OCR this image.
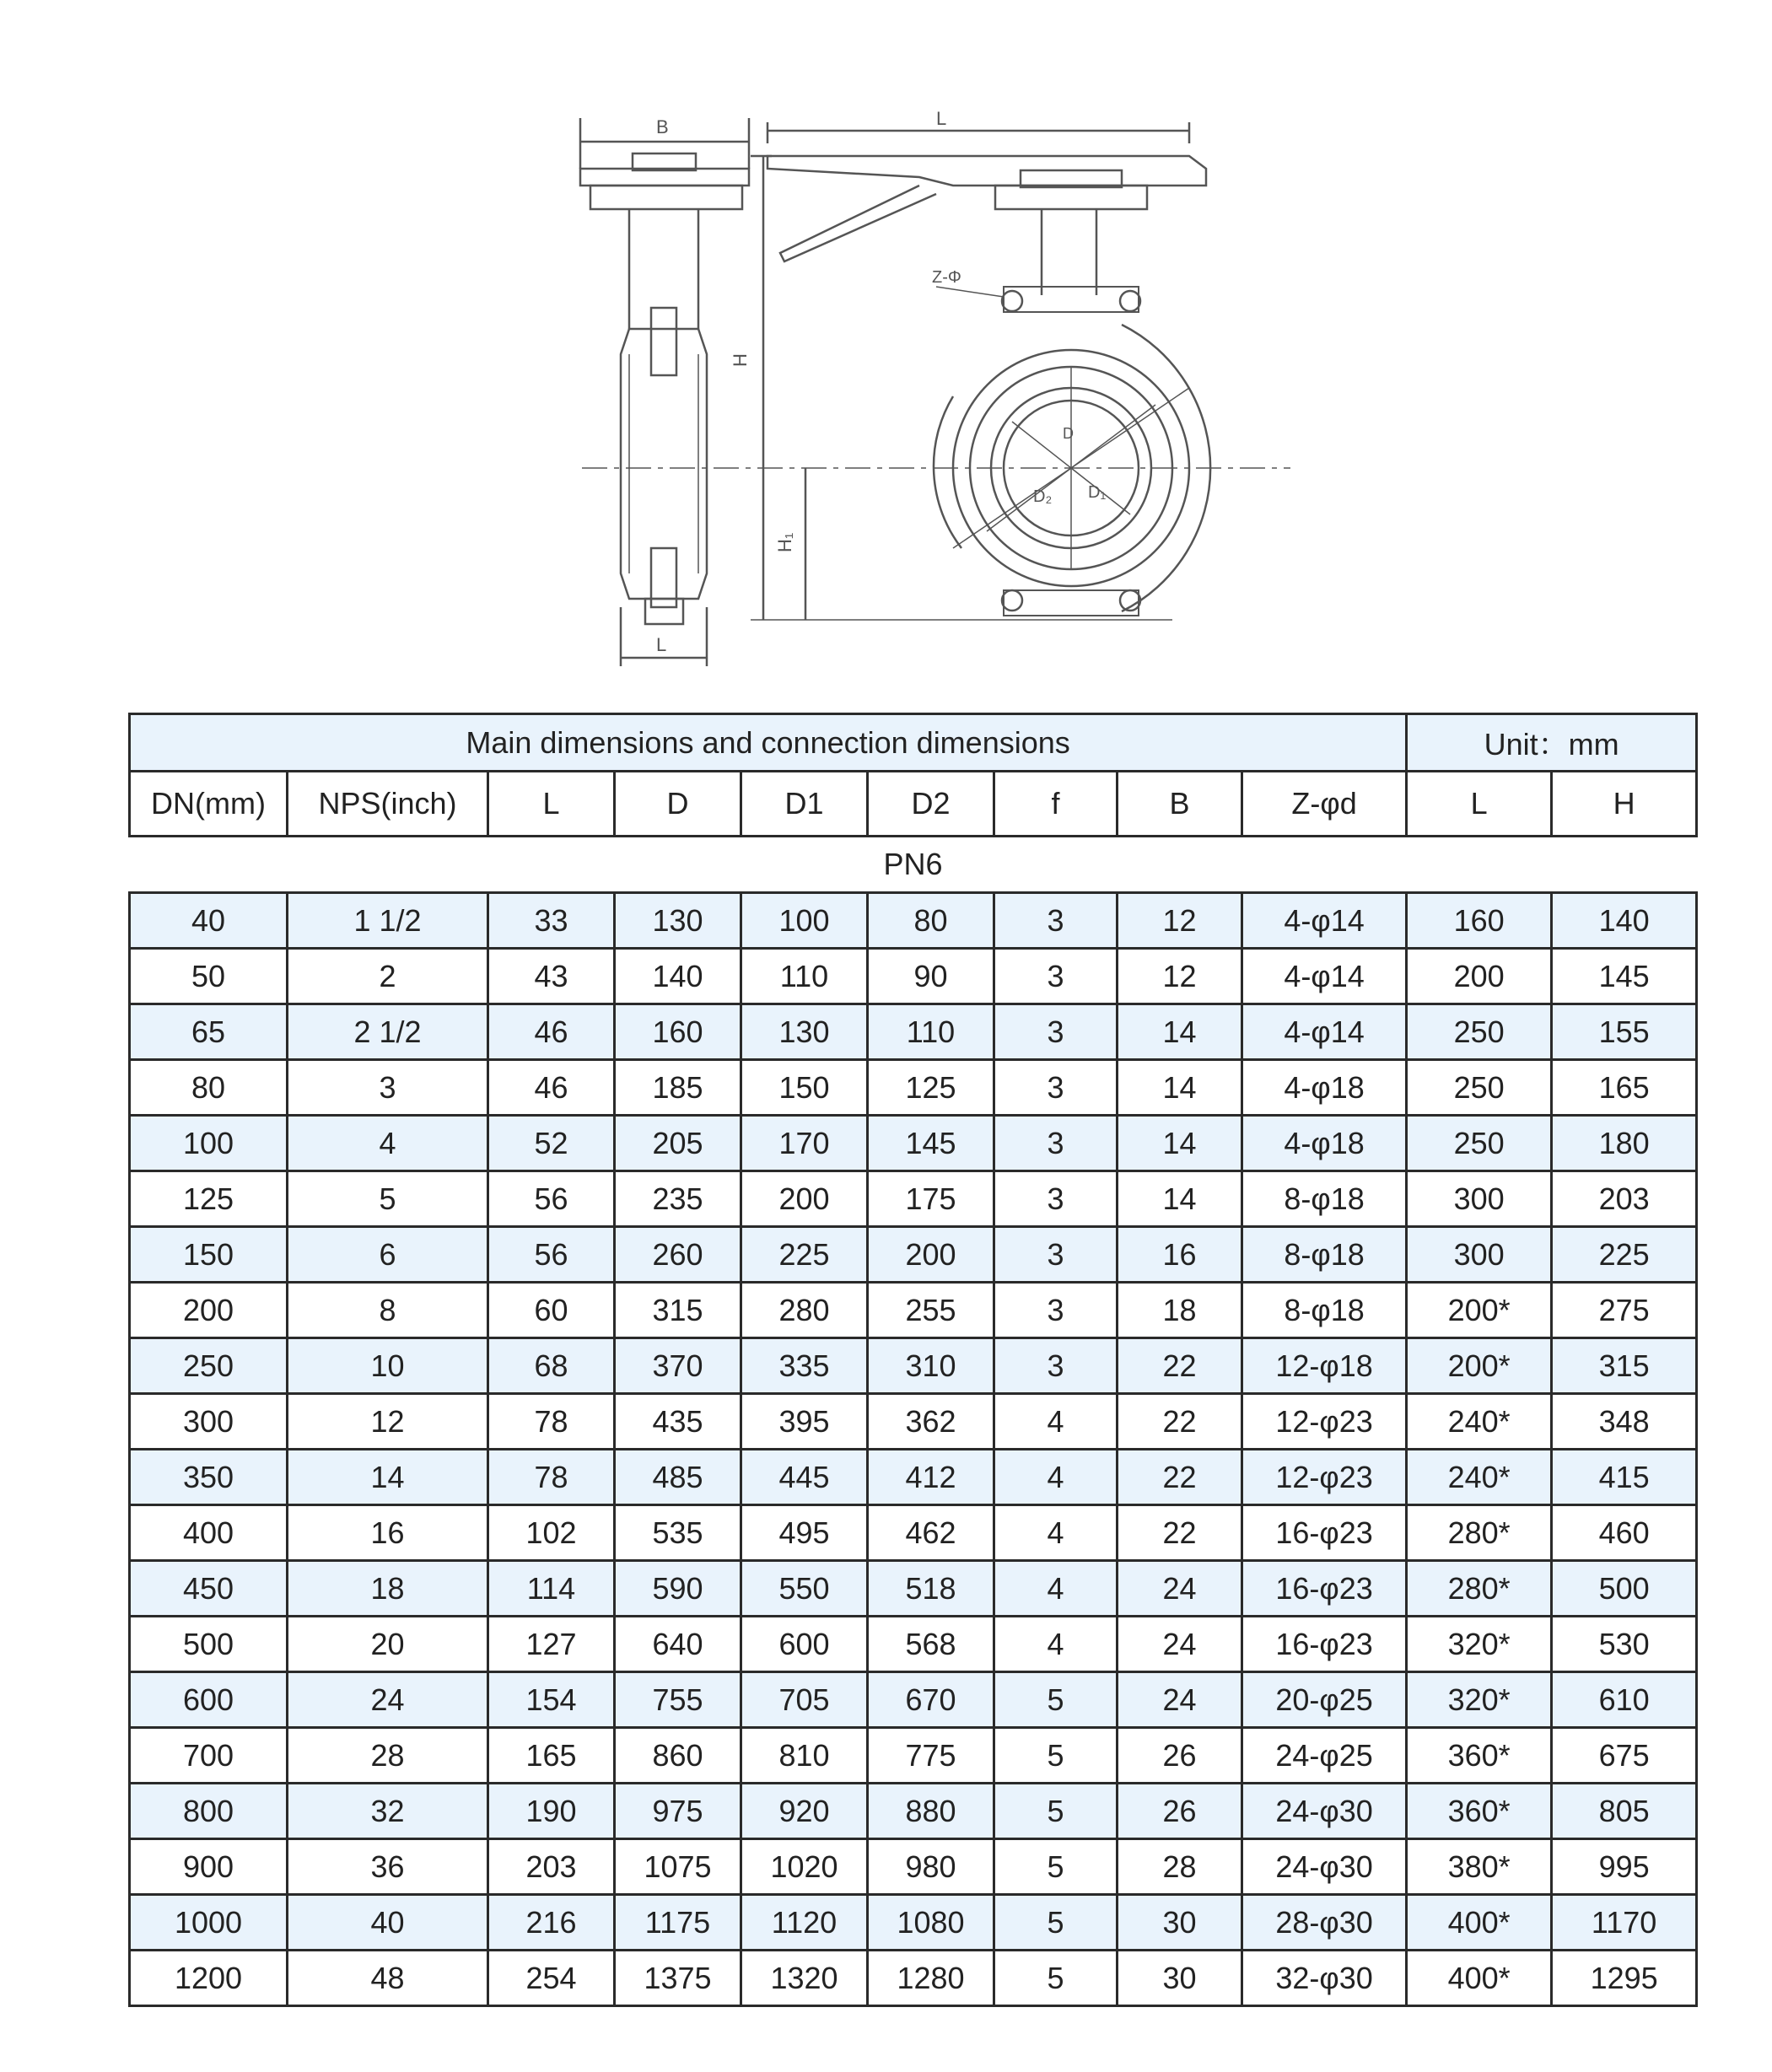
B
L
H
H₁
L
Z-Φ
D₁
D₂
D
Main dimensions and connection dimensions									Unit：mm	
DN(mm)	NPS(inch)	L	D	D1	D2	f	B	Z-φd	L	H
PN6										
40	1 1/2	33	130	100	80	3	12	4-φ14	160	140
50	2	43	140	110	90	3	12	4-φ14	200	145
65	2 1/2	46	160	130	110	3	14	4-φ14	250	155
80	3	46	185	150	125	3	14	4-φ18	250	165
100	4	52	205	170	145	3	14	4-φ18	250	180
125	5	56	235	200	175	3	14	8-φ18	300	203
150	6	56	260	225	200	3	16	8-φ18	300	225
200	8	60	315	280	255	3	18	8-φ18	200*	275
250	10	68	370	335	310	3	22	12-φ18	200*	315
300	12	78	435	395	362	4	22	12-φ23	240*	348
350	14	78	485	445	412	4	22	12-φ23	240*	415
400	16	102	535	495	462	4	22	16-φ23	280*	460
450	18	114	590	550	518	4	24	16-φ23	280*	500
500	20	127	640	600	568	4	24	16-φ23	320*	530
600	24	154	755	705	670	5	24	20-φ25	320*	610
700	28	165	860	810	775	5	26	24-φ25	360*	675
800	32	190	975	920	880	5	26	24-φ30	360*	805
900	36	203	1075	1020	980	5	28	24-φ30	380*	995
1000	40	216	1175	1120	1080	5	30	28-φ30	400*	1170
1200	48	254	1375	1320	1280	5	30	32-φ30	400*	1295
